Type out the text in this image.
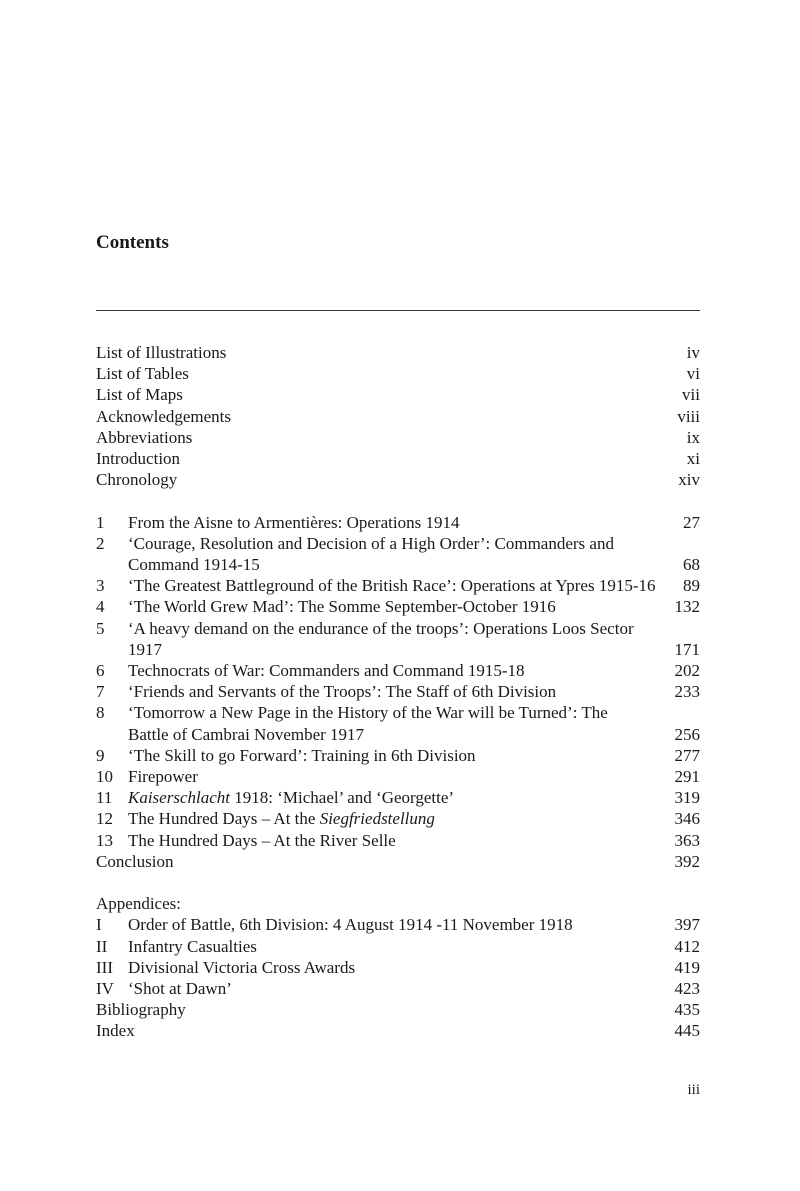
Contents
List of Illustrations	iv
List of Tables	vi
List of Maps	vii
Acknowledgements	viii
Abbreviations	ix
Introduction	xi
Chronology	xiv
1	From the Aisne to Armentières: Operations 1914	27
2	‘Courage, Resolution and Decision of a High Order’: Commanders and
Command 1914-15	68
3	‘The Greatest Battleground of the British Race’: Operations at Ypres 1915-16	89
4	‘The World Grew Mad’: The Somme September-October 1916	132
5	‘A heavy demand on the endurance of the troops’: Operations Loos Sector
1917	171
6	Technocrats of War: Commanders and Command 1915-18	202
7	‘Friends and Servants of the Troops’: The Staff of 6th Division	233
8	‘Tomorrow a New Page in the History of the War will be Turned’: The
Battle of Cambrai November 1917	256
9	‘The Skill to go Forward’: Training in 6th Division	277
10 Firepower	291
11 Kaiserschlacht 1918: ‘Michael’ and ‘Georgette’	319
12 The Hundred Days – At the Siegfriedstellung	346
13 The Hundred Days – At the River Selle	363
Conclusion	392
Appendices:
I	Order of Battle, 6th Division: 4 August 1914 -11 November 1918	397
II	Infantry Casualties	412
III Divisional Victoria Cross Awards	419
IV ‘Shot at Dawn’	423
Bibliography	435
Index	445
iii
